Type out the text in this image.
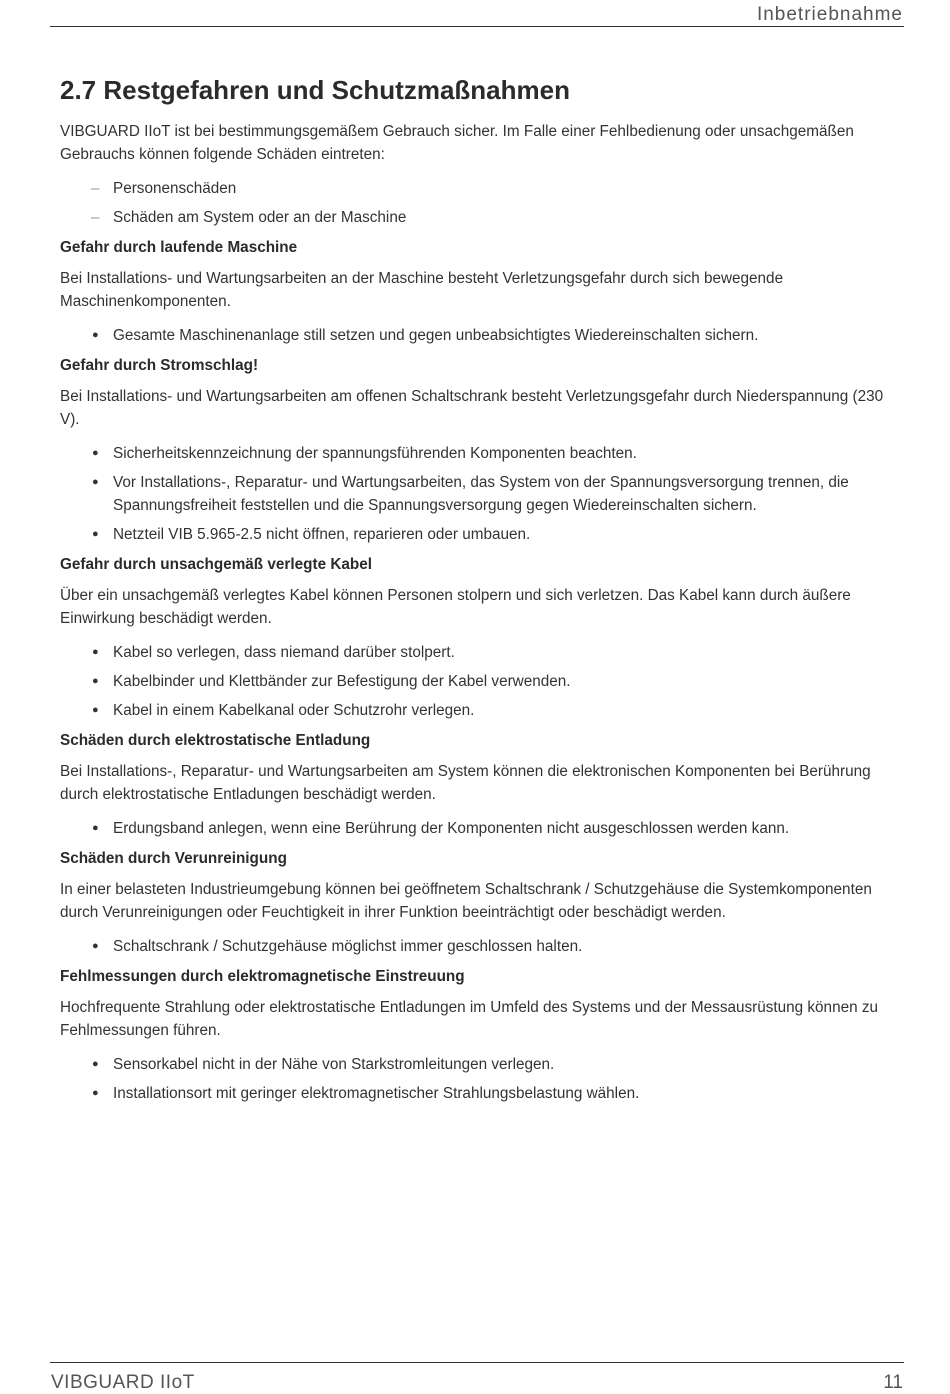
Inbetriebnahme
2.7 Restgefahren und Schutzmaßnahmen

VIBGUARD IIoT ist bei bestimmungsgemäßem Gebrauch sicher. Im Falle einer Fehlbedienung oder unsachgemäßen Gebrauchs können folgende Schäden eintreten:

– Personenschäden
– Schäden am System oder an der Maschine
Gefahr durch laufende Maschine

Bei Installations- und Wartungsarbeiten an der Maschine besteht Verletzungsgefahr durch sich bewegende Maschinenkomponenten.

● Gesamte Maschinenanlage still setzen und gegen unbeabsichtigtes Wiedereinschalten sichern.
Gefahr durch Stromschlag!

Bei Installations- und Wartungsarbeiten am offenen Schaltschrank besteht Verletzungsgefahr durch Niederspannung (230 V).

● Sicherheitskennzeichnung der spannungsführenden Komponenten beachten.
● Vor Installations-, Reparatur- und Wartungsarbeiten, das System von der Spannungsversorgung trennen, die Spannungsfreiheit feststellen und die Spannungsversorgung gegen Wiedereinschalten sichern.
● Netzteil VIB 5.965-2.5 nicht öffnen, reparieren oder umbauen.
Gefahr durch unsachgemäß verlegte Kabel

Über ein unsachgemäß verlegtes Kabel können Personen stolpern und sich verletzen. Das Kabel kann durch äußere Einwirkung beschädigt werden.

● Kabel so verlegen, dass niemand darüber stolpert.
● Kabelbinder und Klettbänder zur Befestigung der Kabel verwenden.
● Kabel in einem Kabelkanal oder Schutzrohr verlegen.
Schäden durch elektrostatische Entladung

Bei Installations-, Reparatur- und Wartungsarbeiten am System können die elektronischen Komponenten bei Berührung durch elektrostatische Entladungen beschädigt werden.

● Erdungsband anlegen, wenn eine Berührung der Komponenten nicht ausgeschlossen werden kann.
Schäden durch Verunreinigung

In einer belasteten Industrieumgebung können bei geöffnetem Schaltschrank / Schutzgehäuse die Systemkomponenten durch Verunreinigungen oder Feuchtigkeit in ihrer Funktion beeinträchtigt oder beschädigt werden.

● Schaltschrank / Schutzgehäuse möglichst immer geschlossen halten.
Fehlmessungen durch elektromagnetische Einstreuung

Hochfrequente Strahlung oder elektrostatische Entladungen im Umfeld des Systems und der Messausrüstung können zu Fehlmessungen führen.

● Sensorkabel nicht in der Nähe von Starkstromleitungen verlegen.
● Installationsort mit geringer elektromagnetischer Strahlungsbelastung wählen.
VIBGUARD IIoT	11
